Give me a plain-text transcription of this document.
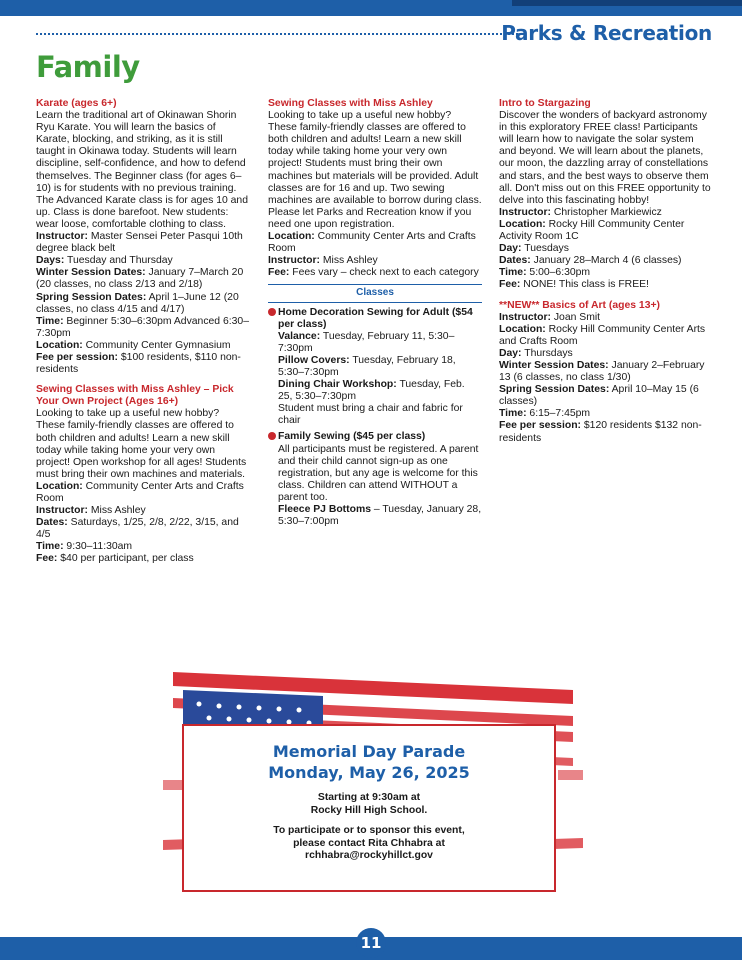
Parks & Recreation
Family
Karate (ages 6+)

Learn the traditional art of Okinawan Shorin Ryu Karate. You will learn the basics of Karate, blocking, and striking, as it is still taught in Okinawa today. Students will learn discipline, self-confidence, and how to defend themselves. The Beginner class (for ages 6–10) is for students with no previous training. The Advanced Karate class is for ages 10 and up. Class is done barefoot. New students: wear loose, comfortable clothing to class.

Instructor: Master Sensei Peter Pasqui 10th degree black belt

Days: Tuesday and Thursday

Winter Session Dates: January 7–March 20 (20 classes, no class 2/13 and 2/18)

Spring Session Dates: April 1–June 12 (20 classes, no class 4/15 and 4/17)

Time: Beginner 5:30–6:30pm Advanced 6:30–7:30pm

Location: Community Center Gymnasium

Fee per session: $100 residents, $110 non-residents

Sewing Classes with Miss Ashley – Pick Your Own Project (Ages 16+)

Looking to take up a useful new hobby? These family-friendly classes are offered to both children and adults! Learn a new skill today while taking home your very own project! Open workshop for all ages! Students must bring their own machines and materials.

Location: Community Center Arts and Crafts Room

Instructor: Miss Ashley

Dates: Saturdays, 1/25, 2/8, 2/22, 3/15, and 4/5

Time: 9:30–11:30am

Fee: $40 per participant, per class

Sewing Classes with Miss Ashley

Looking to take up a useful new hobby? These family-friendly classes are offered to both children and adults! Learn a new skill today while taking home your very own project! Students must bring their own machines but materials will be provided. Adult classes are for 16 and up. Two sewing machines are available to borrow during class. Please let Parks and Recreation know if you need one upon registration.

Location: Community Center Arts and Crafts Room

Instructor: Miss Ashley

Fee: Fees vary – check next to each category

Classes

Home Decoration Sewing for Adult ($54 per class)

Valance: Tuesday, February 11, 5:30–7:30pm

Pillow Covers: Tuesday, February 18, 5:30–7:30pm

Dining Chair Workshop: Tuesday, Feb. 25, 5:30–7:30pm

Student must bring a chair and fabric for chair

Family Sewing ($45 per class)

All participants must be registered. A parent and their child cannot sign-up as one registration, but any age is welcome for this class. Children can attend WITHOUT a parent too.

Fleece PJ Bottoms – Tuesday, January 28, 5:30–7:00pm

Intro to Stargazing

Discover the wonders of backyard astronomy in this exploratory FREE class! Participants will learn how to navigate the solar system and beyond. We will learn about the planets, our moon, the dazzling array of constellations and stars, and the best ways to observe them all. Don't miss out on this FREE opportunity to delve into this fascinating hobby!

Instructor: Christopher Markiewicz

Location: Rocky Hill Community Center Activity Room 1C

Day: Tuesdays

Dates: January 28–March 4 (6 classes)

Time: 5:00–6:30pm

Fee: NONE! This class is FREE!

**NEW** Basics of Art (ages 13+)

Instructor: Joan Smit

Location: Rocky Hill Community Center Arts and Crafts Room

Day: Thursdays

Winter Session Dates: January 2–February 13 (6 classes, no class 1/30)

Spring Session Dates: April 10–May 15 (6 classes)

Time: 6:15–7:45pm

Fee per session: $120 residents $132 non-residents

Memorial Day Parade
Monday, May 26, 2025
Starting at 9:30am at
Rocky Hill High School.
To participate or to sponsor this event,
please contact Rita Chhabra at
rchhabra@rockyhillct.gov
11
